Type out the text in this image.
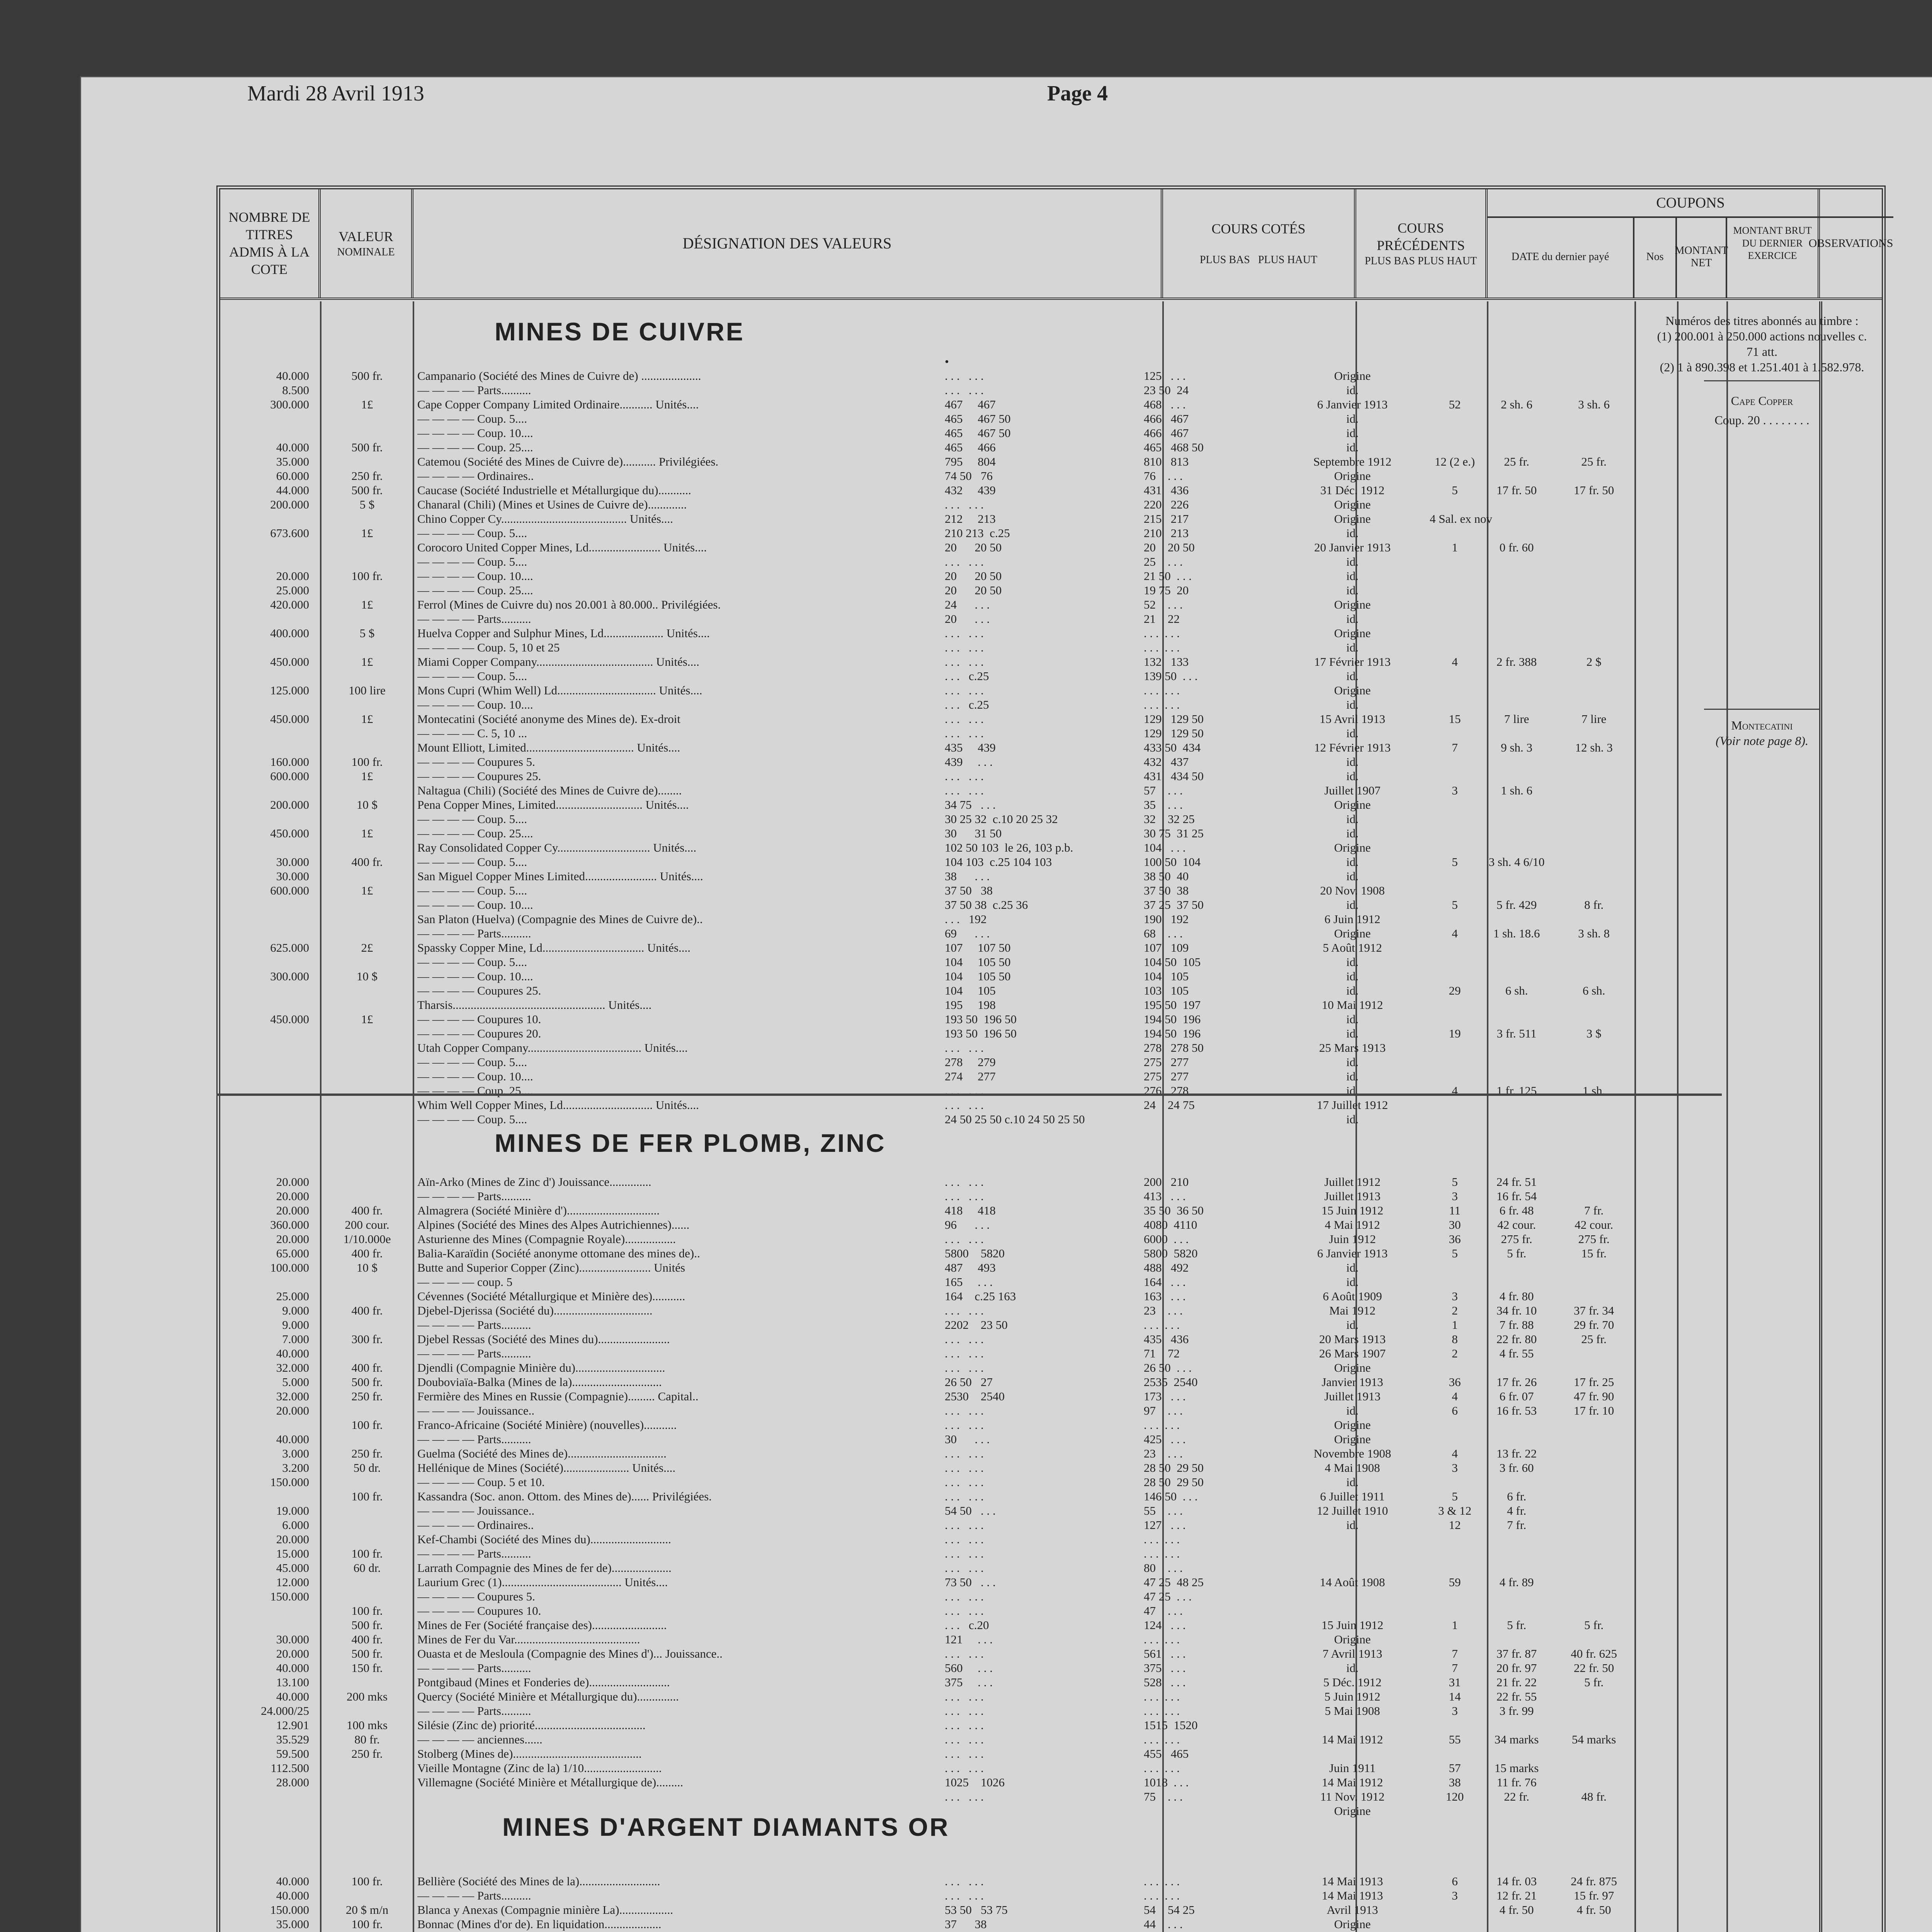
Mardi 28 Avril 1913	Page 4
NOMBRE DE TITRES ADMIS À LA COTE
VALEUR
NOMINALE
DÉSIGNATION DES VALEURS
COURS COTÉS
PLUS BAS PLUS HAUT
COURS PRÉCÉDENTS
PLUS BAS PLUS HAUT
MONTANT BRUT DU DERNIER EXERCICE
COUPONS
DATE du dernier payé	Nos
MONTANT NET
OBSERVATIONS
MINES DE CUIVRE

40.000
8.500
300.000

40.000
35.000
60.000
44.000
200.000

673.600

20.000
25.000
420.000

400.000

450.000

125.000

450.000

160.000
600.000

200.000

450.000

30.000
30.000
600.000

625.000

300.000

450.000

500 fr.

1£

500 fr.

250 fr.
500 fr.
5 $

1£

100 fr.

1£

5 $

1£

100 lire

1£

100 fr.
1£

10 $

1£

400 fr.

1£

2£

10 $

1£

Campanario (Société des Mines de Cuivre de) ....................
— — — — Parts..........
Cape Copper Company Limited Ordinaire........... Unités....
— — — — Coup. 5....
— — — — Coup. 10....
— — — — Coup. 25....
Catemou (Société des Mines de Cuivre de)........... Privilégiées.
— — — — Ordinaires..
Caucase (Société Industrielle et Métallurgique du)...........
Chanaral (Chili) (Mines et Usines de Cuivre de).............
Chino Copper Cy.......................................... Unités....
— — — — Coup. 5....
Corocoro United Copper Mines, Ld........................ Unités....
— — — — Coup. 5....
— — — — Coup. 10....
— — — — Coup. 25....
Ferrol (Mines de Cuivre du) nos 20.001 à 80.000.. Privilégiées.
— — — — Parts..........
Huelva Copper and Sulphur Mines, Ld.................... Unités....
— — — — Coup. 5, 10 et 25
Miami Copper Company....................................... Unités....
— — — — Coup. 5....
Mons Cupri (Whim Well) Ld................................. Unités....
— — — — Coup. 10....
Montecatini (Société anonyme des Mines de). Ex-droit
— — — — C. 5, 10 ...
Mount Elliott, Limited.................................... Unités....
— — — — Coupures 5.
— — — — Coupures 25.
Naltagua (Chili) (Société des Mines de Cuivre de)........
Pena Copper Mines, Limited............................. Unités....
— — — — Coup. 5....
— — — — Coup. 25....
Ray Consolidated Copper Cy............................... Unités....
— — — — Coup. 5....
San Miguel Copper Mines Limited........................ Unités....
— — — — Coup. 5....
— — — — Coup. 10....
San Platon (Huelva) (Compagnie des Mines de Cuivre de)..
— — — — Parts..........
Spassky Copper Mine, Ld.................................. Unités....
— — — — Coup. 5....
— — — — Coup. 10....
— — — — Coupures 25.
Tharsis................................................... Unités....
— — — — Coupures 10.
— — — — Coupures 20.
Utah Copper Company...................................... Unités....
— — — — Coup. 5....
— — — — Coup. 10....
— — — — Coup. 25....
Whim Well Copper Mines, Ld.............................. Unités....
— — — — Coup. 5....

•
. . .   . . .
. . .   . . .
467     467
465     467 50
465     467 50
465     466
795     804
74 50   76
432     439
. . .   . . .
212     213
210 213  c.25
20      20 50
. . .   . . .
20      20 50
20      20 50
24      . . .
20      . . .
. . .   . . .
. . .   . . .
. . .   . . .
. . .   c.25
. . .   . . .
. . .   c.25
. . .   . . .
. . .   . . .
435     439
439     . . .
. . .   . . .
. . .   . . .
34 75   . . .
30 25 32  c.10 20 25 32
30      31 50
102 50 103  le 26, 103 p.b.
104 103  c.25 104 103
38      . . .
37 50   38
37 50 38  c.25 36
. . .   192
69      . . .
107     107 50
104     105 50
104     105 50
104     105
195     198
193 50  196 50
193 50  196 50
. . .   . . .
278     279
274     277
. . .   . . .
. . .   . . .
24 50 25 50 c.10 24 50 25 50

125   . . .
23 50  24
468   . . .
466   467
466   467
465   468 50
810   813
76    . . .
431   436
220   226
215   217
210   213
20    20 50
25    . . .
21 50  . . .
19 75  20
52    . . .
21    22
. . .  . . .
. . .  . . .
132   133
139 50  . . .
. . .  . . .
. . .  . . .
129   129 50
129   129 50
433 50  434
432   437
431   434 50
57    . . .
35    . . .
32    32 25
30 75  31 25
104   . . .
100 50  104
38 50  40
37 50  38
37 25  37 50
190   192
68    . . .
107   109
104 50  105
104   105
103   105
195 50  197
194 50  196
194 50  196
278   278 50
275   277
275   277
276   278
24    24 75

Origine
id.
6 Janvier 1913
id.
id.
id.
Septembre 1912
Origine
31 Déc. 1912
Origine
Origine
id.
20 Janvier 1913
id.
id.
id.
Origine
id.
Origine
id.
17 Février 1913
id.
Origine
id.
15 Avril 1913
id.
12 Février 1913
id.
id.
Juillet 1907
Origine
id.
id.
Origine
id.
id.
20 Nov. 1908
id.
6 Juin 1912
Origine
5 Août 1912
id.
id.
id.
10 Mai 1912
id.
id.
25 Mars 1913
id.
id.
id.
17 Juillet 1912
id.

52

12 (2 e.)

5

4 Sal. ex

1

4

15

7

3

5

5

4

29

19

4

2 sh. 6

25 fr.

17 fr. 50

0 fr. 60

2 fr. 388

7 lire

9 sh. 3

1 sh. 6

3 sh. 4 6/10

5 fr. 429

1 sh. 18.6

6 sh.

3 fr. 511

1 fr. 125

3 sh. 6

25 fr.

17 fr. 50

2 $

7 lire

12 sh. 3

8 fr.

3 sh. 8

6 sh.

3 $

1 sh.
MINES DE FER PLOMB, ZINC
20.000
20.000
20.000
360.000
20.000
65.000
100.000

25.000
9.000
9.000
7.000
40.000
32.000
5.000
32.000
20.000

40.000
3.000
3.200
150.000

19.000
6.000
20.000
15.000
45.000
12.000
150.000

30.000
20.000
40.000
13.100
40.000
24.000/25
12.901
35.529
59.500
112.500
28.000

400 fr.
200 cour.
1/10.000e
400 fr.
10 $

400 fr.

300 fr.

400 fr.
500 fr.
250 fr.

100 fr.

250 fr.
50 dr.

100 fr.

100 fr.
60 dr.

100 fr.
500 fr.
400 fr.
500 fr.
150 fr.

200 mks

100 mks
80 fr.
250 fr.
Aïn-Arko (Mines de Zinc d') Jouissance..............
— — — — Parts..........
Almagrera (Société Minière d')...............................
Alpines (Société des Mines des Alpes Autrichiennes)......
Asturienne des Mines (Compagnie Royale).................
Balia-Karaïdin (Société anonyme ottomane des mines de)..
Butte and Superior Copper (Zinc)........................ Unités
— — — — coup. 5
Cévennes (Société Métallurgique et Minière des)...........
Djebel-Djerissa (Société du).................................
— — — — Parts..........
Djebel Ressas (Société des Mines du)........................
— — — — Parts..........
Djendli (Compagnie Minière du)..............................
Douboviaïa-Balka (Mines de la)..............................
Fermière des Mines en Russie (Compagnie)......... Capital..
— — — — Jouissance..
Franco-Africaine (Société Minière) (nouvelles)...........
— — — — Parts..........
Guelma (Société des Mines de).................................
Hellénique de Mines (Société)...................... Unités....
— — — — Coup. 5 et 10.
Kassandra (Soc. anon. Ottom. des Mines de)...... Privilégiées.
— — — — Jouissance..
— — — — Ordinaires..
Kef-Chambi (Société des Mines du)...........................
— — — — Parts..........
Larrath Compagnie des Mines de fer de)....................
Laurium Grec (1)........................................ Unités....
— — — — Coupures 5.
— — — — Coupures 10.
Mines de Fer (Société française des).........................
Mines de Fer du Var..........................................
Ouasta et de Mesloula (Compagnie des Mines d')... Jouissance..
— — — — Parts..........
Pontgibaud (Mines et Fonderies de)...........................
Quercy (Société Minière et Métallurgique du)..............
— — — — Parts..........
Silésie (Zinc de) priorité.....................................
— — — — anciennes......
Stolberg (Mines de)...........................................
Vieille Montagne (Zinc de la) 1/10..........................
Villemagne (Société Minière et Métallurgique de).........
. . .   . . .
. . .   . . .
418     418
96      . . .
. . .   . . .
5800    5820
487     493
165     . . .
164    c.25 163
. . .   . . .
2202    23 50
. . .   . . .
. . .   . . .
. . .   . . .
26 50   27
2530    2540
. . .   . . .
. . .   . . .
30      . . .
. . .   . . .
. . .   . . .
. . .   . . .
. . .   . . .
54 50   . . .
. . .   . . .
. . .   . . .
. . .   . . .
. . .   . . .
73 50   . . .
. . .   . . .
. . .   . . .
. . .   c.20
121     . . .
. . .   . . .
560     . . .
375     . . .
. . .   . . .
. . .   . . .
. . .   . . .
. . .   . . .
. . .   . . .
. . .   . . .
1025    1026
. . .   . . .
200   210
413   . . .
35 50  36 50
4080  4110
6000  . . .
5800  5820
488   492
164   . . .
163   . . .
23    . . .
. . .  . . .
435   436
71    72
26 50  . . .
2535  2540
173   . . .
97    . . .
. . .  . . .
425   . . .
23    . . .
28 50  29 50
28 50  29 50
146 50  . . .
55    . . .
127   . . .
. . .  . . .
. . .  . . .
80    . . .
47 25  48 25
47 25  . . .
47    . . .
124   . . .
. . .  . . .
561   . . .
375   . . .
528   . . .
. . .  . . .
. . .  . . .
1515  1520
. . .  . . .
455   465
. . .  . . .
1018  . . .
75    . . .
Juillet 1912
Juillet 1913
15 Juin 1912
4 Mai 1912
Juin 1912
6 Janvier 1913
id.
id.
6 Août 1909
Mai 1912
id.
20 Mars 1913
26 Mars 1907
Origine
Janvier 1913
Juillet 1913
id.
Origine
Origine
Novembre 1908
4 Mai 1908
id.
6 Juillet 1911
12 Juillet 1910
id.

14 Août 1908

15 Juin 1912
Origine
7 Avril 1913
id.
5 Déc. 1912
5 Juin 1912
5 Mai 1908

14 Mai 1912

Juin 1911
14 Mai 1912
11 Nov. 1912
Origine
5
3
11
30
36
5

3
2
1
8
2

36
4
6

4
3

5
3 & 12
12

59

1

7
7
31
14
3

55

57
38
120
24 fr. 51
16 fr. 54
6 fr. 48
42 cour.
275 fr.
5 fr.

4 fr. 80
34 fr. 10
7 fr. 88
22 fr. 80
4 fr. 55

17 fr. 26
6 fr. 07
16 fr. 53

13 fr. 22
3 fr. 60

6 fr.
4 fr.
7 fr.

4 fr. 89

5 fr.

37 fr. 87
20 fr. 97
21 fr. 22
22 fr. 55
3 fr. 99

34 marks

15 marks
11 fr. 76
22 fr.

7 fr.
42 cour.
275 fr.
15 fr.

37 fr. 34
29 fr. 70
25 fr.

17 fr. 25
47 fr. 90
17 fr. 10

5 fr.

40 fr. 625
22 fr. 50
5 fr.

54 marks

48 fr.
MINES D'ARGENT DIAMANTS OR
40.000
40.000
150.000
35.000

100 fr.

20 $ m/n
100 fr.

Bellière (Société des Mines de la)...........................
— — — — Parts..........
Blanca y Anexas (Compagnie minière La)..................
Bonnac (Mines d'or de). En liquidation...................

. . .   . . .
. . .   . . .
53 50   53 75
37      38

. . .  . . .
. . .  . . .
54    54 25
44    . . .

14 Mai 1913
14 Mai 1913
Avril 1913
Origine

6
3

14 fr. 03
12 fr. 21
4 fr. 50

24 fr. 875
15 fr. 97
4 fr. 50

Numéros des titres abonnés au timbre :
(1) 200.001 à 250.000 actions nouvelles c. 71 att.
(2) 1 à 890.398 et 1.251.401 à 1.582.978.
Cape Copper
Coup. 20 . . . . . . . .
Montecatini
(Voir note page 8).
